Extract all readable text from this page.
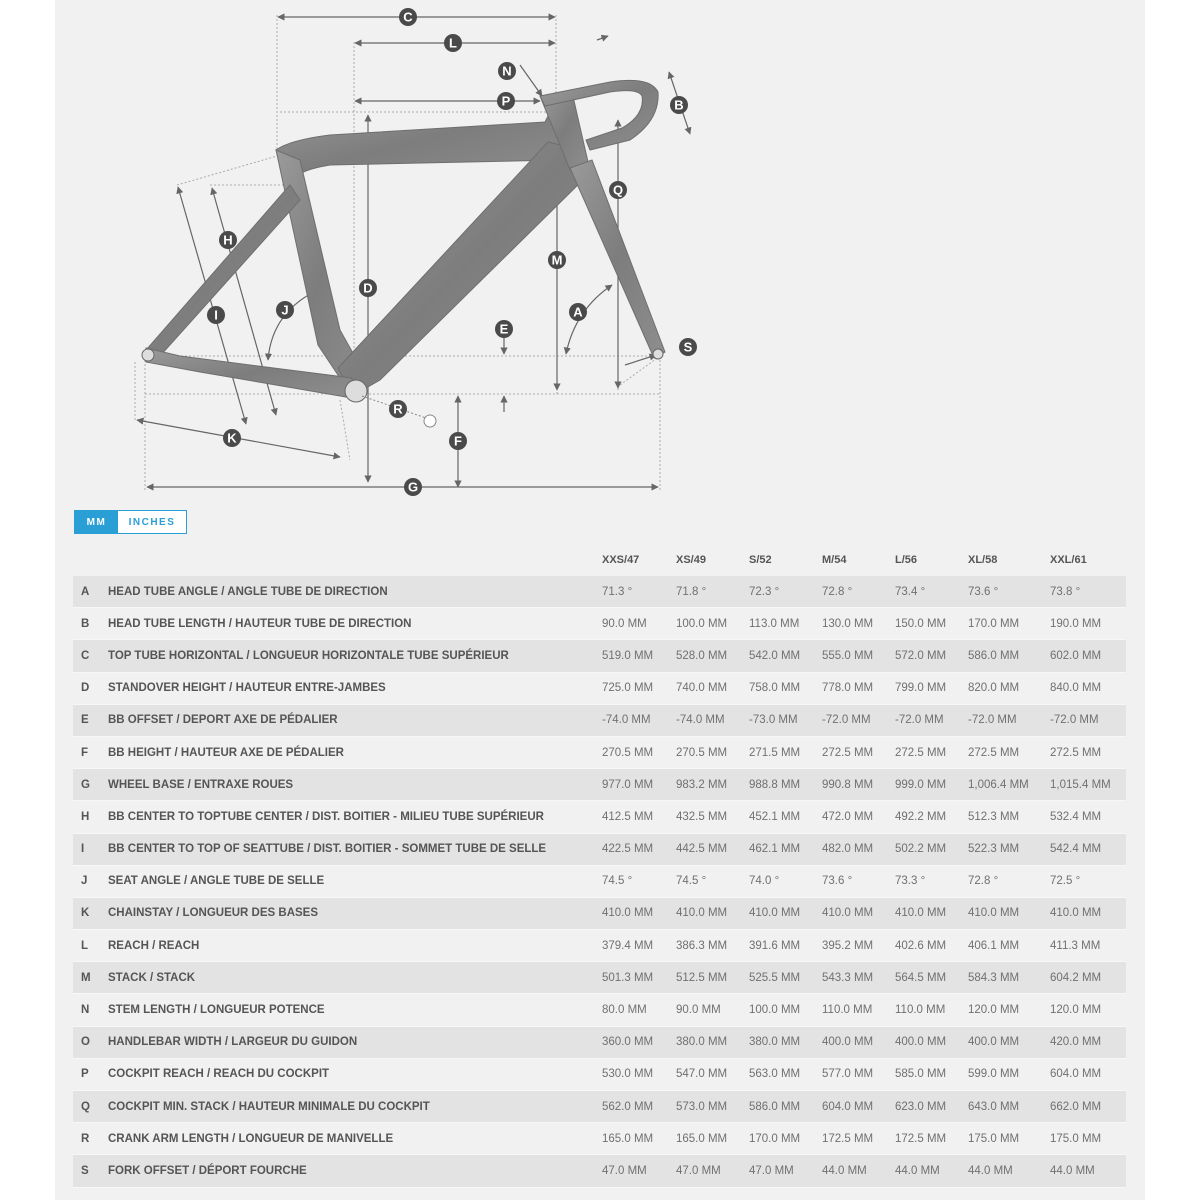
A
B
C
D
E
F
G
H
I	J
K
L
M
N
P
Q
R
S
MM	INCHES
		XXS/47	XS/49	S/52	M/54	L/56	XL/58	XXL/61
A	HEAD TUBE ANGLE / ANGLE TUBE DE DIRECTION	71.3 °	71.8 °	72.3 °	72.8 °	73.4 °	73.6 °	73.8 °
B	HEAD TUBE LENGTH / HAUTEUR TUBE DE DIRECTION	90.0 MM	100.0 MM	113.0 MM	130.0 MM	150.0 MM	170.0 MM	190.0 MM
C	TOP TUBE HORIZONTAL / LONGUEUR HORIZONTALE TUBE SUPÉRIEUR	519.0 MM	528.0 MM	542.0 MM	555.0 MM	572.0 MM	586.0 MM	602.0 MM
D	STANDOVER HEIGHT / HAUTEUR ENTRE-JAMBES	725.0 MM	740.0 MM	758.0 MM	778.0 MM	799.0 MM	820.0 MM	840.0 MM
E	BB OFFSET / DEPORT AXE DE PÉDALIER	-74.0 MM	-74.0 MM	-73.0 MM	-72.0 MM	-72.0 MM	-72.0 MM	-72.0 MM
F	BB HEIGHT / HAUTEUR AXE DE PÉDALIER	270.5 MM	270.5 MM	271.5 MM	272.5 MM	272.5 MM	272.5 MM	272.5 MM
G	WHEEL BASE / ENTRAXE ROUES	977.0 MM	983.2 MM	988.8 MM	990.8 MM	999.0 MM	1,006.4 MM	1,015.4 MM
H	BB CENTER TO TOPTUBE CENTER / DIST. BOITIER - MILIEU TUBE SUPÉRIEUR	412.5 MM	432.5 MM	452.1 MM	472.0 MM	492.2 MM	512.3 MM	532.4 MM
I	BB CENTER TO TOP OF SEATTUBE / DIST. BOITIER - SOMMET TUBE DE SELLE	422.5 MM	442.5 MM	462.1 MM	482.0 MM	502.2 MM	522.3 MM	542.4 MM
J	SEAT ANGLE / ANGLE TUBE DE SELLE	74.5 °	74.5 °	74.0 °	73.6 °	73.3 °	72.8 °	72.5 °
K	CHAINSTAY / LONGUEUR DES BASES	410.0 MM	410.0 MM	410.0 MM	410.0 MM	410.0 MM	410.0 MM	410.0 MM
L	REACH / REACH	379.4 MM	386.3 MM	391.6 MM	395.2 MM	402.6 MM	406.1 MM	411.3 MM
M	STACK / STACK	501.3 MM	512.5 MM	525.5 MM	543.3 MM	564.5 MM	584.3 MM	604.2 MM
N	STEM LENGTH / LONGUEUR POTENCE	80.0 MM	90.0 MM	100.0 MM	110.0 MM	110.0 MM	120.0 MM	120.0 MM
O	HANDLEBAR WIDTH / LARGEUR DU GUIDON	360.0 MM	380.0 MM	380.0 MM	400.0 MM	400.0 MM	400.0 MM	420.0 MM
P	COCKPIT REACH / REACH DU COCKPIT	530.0 MM	547.0 MM	563.0 MM	577.0 MM	585.0 MM	599.0 MM	604.0 MM
Q	COCKPIT MIN. STACK / HAUTEUR MINIMALE DU COCKPIT	562.0 MM	573.0 MM	586.0 MM	604.0 MM	623.0 MM	643.0 MM	662.0 MM
R	CRANK ARM LENGTH / LONGUEUR DE MANIVELLE	165.0 MM	165.0 MM	170.0 MM	172.5 MM	172.5 MM	175.0 MM	175.0 MM
S	FORK OFFSET / DÉPORT FOURCHE	47.0 MM	47.0 MM	47.0 MM	44.0 MM	44.0 MM	44.0 MM	44.0 MM
